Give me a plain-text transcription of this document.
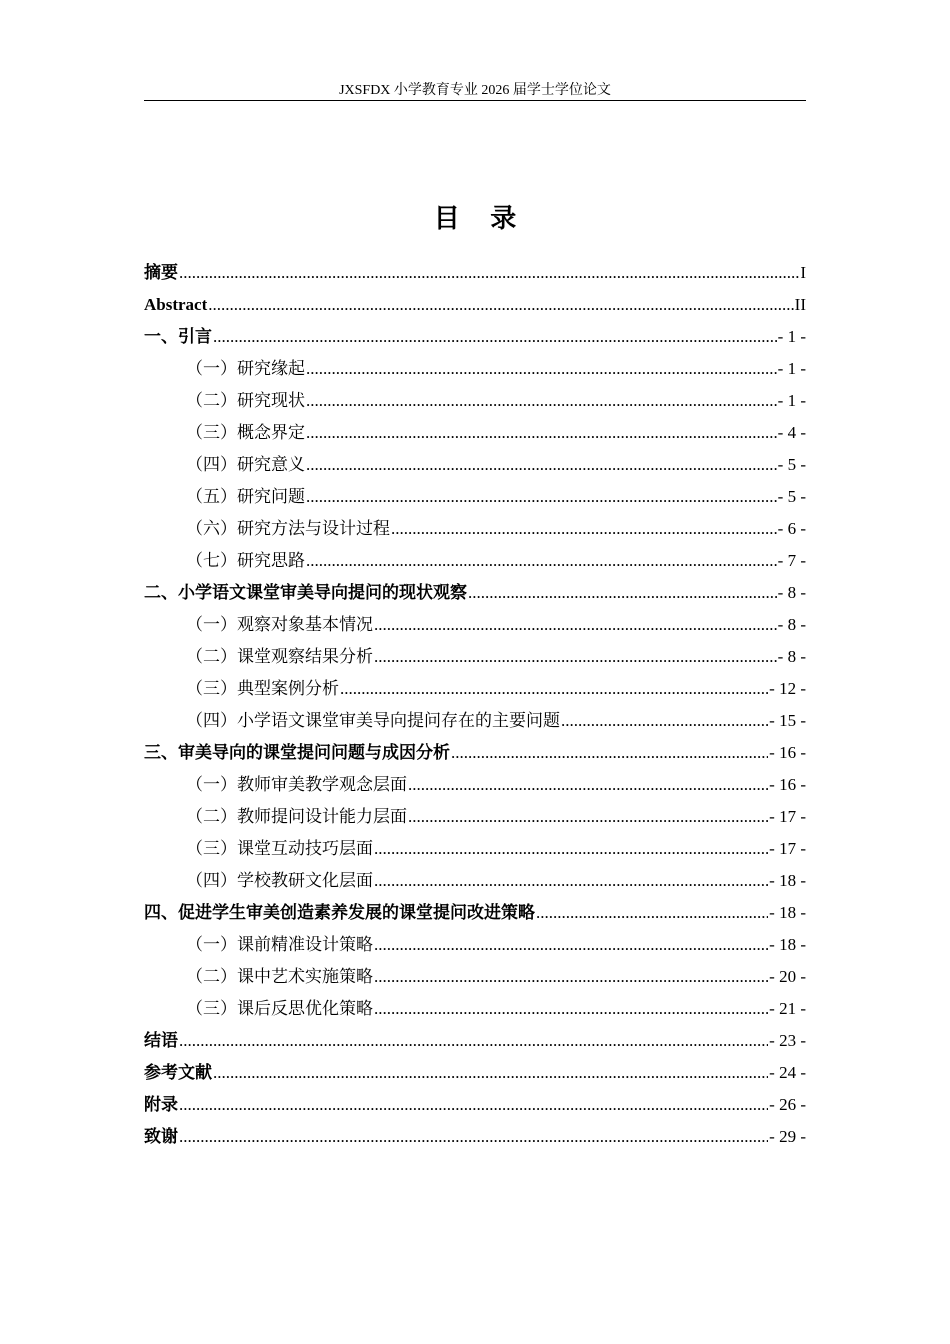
JXSFDX 小学教育专业 2026 届学士学位论文
目 录
摘要 .....	I
Abstract .....	II
一、引言 .....	- 1 -
（一）研究缘起 .....	- 1 -
（二）研究现状 .....	- 1 -
（三）概念界定 .....	- 4 -
（四）研究意义 .....	- 5 -
（五）研究问题 .....	- 5 -
（六）研究方法与设计过程 .....	- 6 -
（七）研究思路 .....	- 7 -
二、小学语文课堂审美导向提问的现状观察 .....	- 8 -
（一）观察对象基本情况 .....	- 8 -
（二）课堂观察结果分析 .....	- 8 -
（三）典型案例分析 .....	- 12 -
（四）小学语文课堂审美导向提问存在的主要问题 .....	- 15 -
三、审美导向的课堂提问问题与成因分析 .....	- 16 -
（一）教师审美教学观念层面 .....	- 16 -
（二）教师提问设计能力层面 .....	- 17 -
（三）课堂互动技巧层面 .....	- 17 -
（四）学校教研文化层面 .....	- 18 -
四、促进学生审美创造素养发展的课堂提问改进策略 .....	- 18 -
（一）课前精准设计策略 .....	- 18 -
（二）课中艺术实施策略 .....	- 20 -
（三）课后反思优化策略 .....	- 21 -
结语 .....	- 23 -
参考文献 .....	- 24 -
附录 .....	- 26 -
致谢 .....	- 29 -
